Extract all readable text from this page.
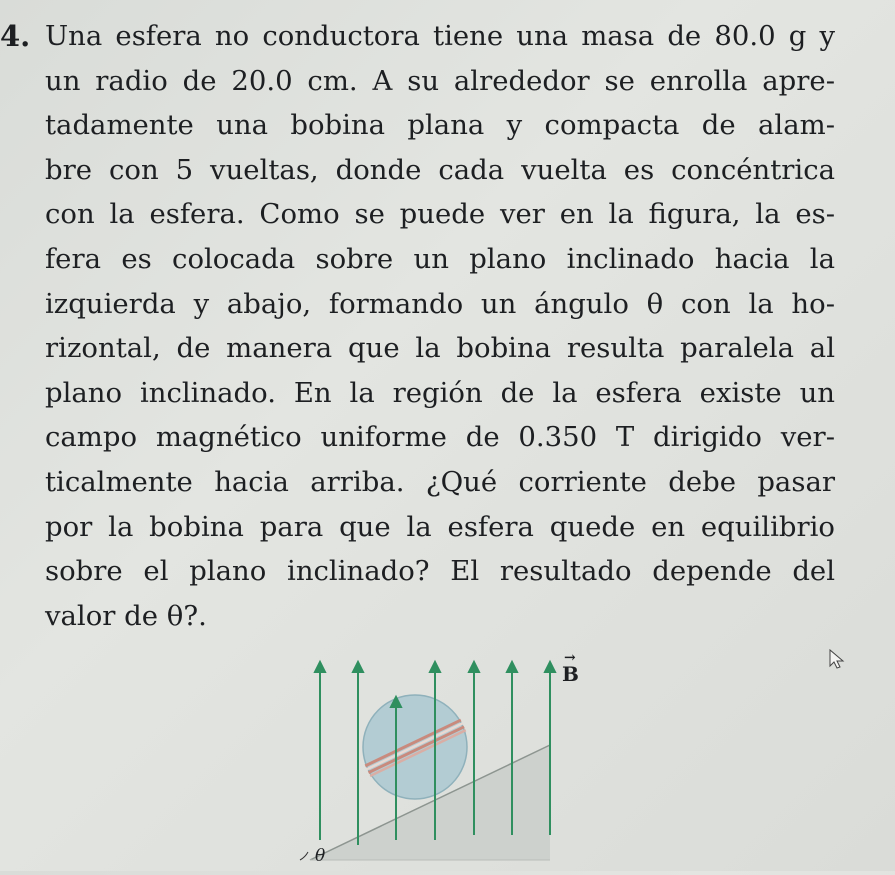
4. Una esfera no conductora tiene una masa de 80.0 g y
un radio de 20.0 cm. A su alrededor se enrolla apre-
tadamente una bobina plana y compacta de alam-
bre con 5 vueltas, donde cada vuelta es concéntrica
con la esfera. Como se puede ver en la figura, la es-
fera es colocada sobre un plano inclinado hacia la
izquierda y abajo, formando un ángulo θ con la ho-
rizontal, de manera que la bobina resulta paralela al
plano inclinado. En la región de la esfera existe un
campo magnético uniforme de 0.350 T dirigido ver-
ticalmente hacia arriba. ¿Qué corriente debe pasar
por la bobina para que la esfera quede en equilibrio
sobre el plano inclinado? El resultado depende del
valor de θ?.
→
B
θ
